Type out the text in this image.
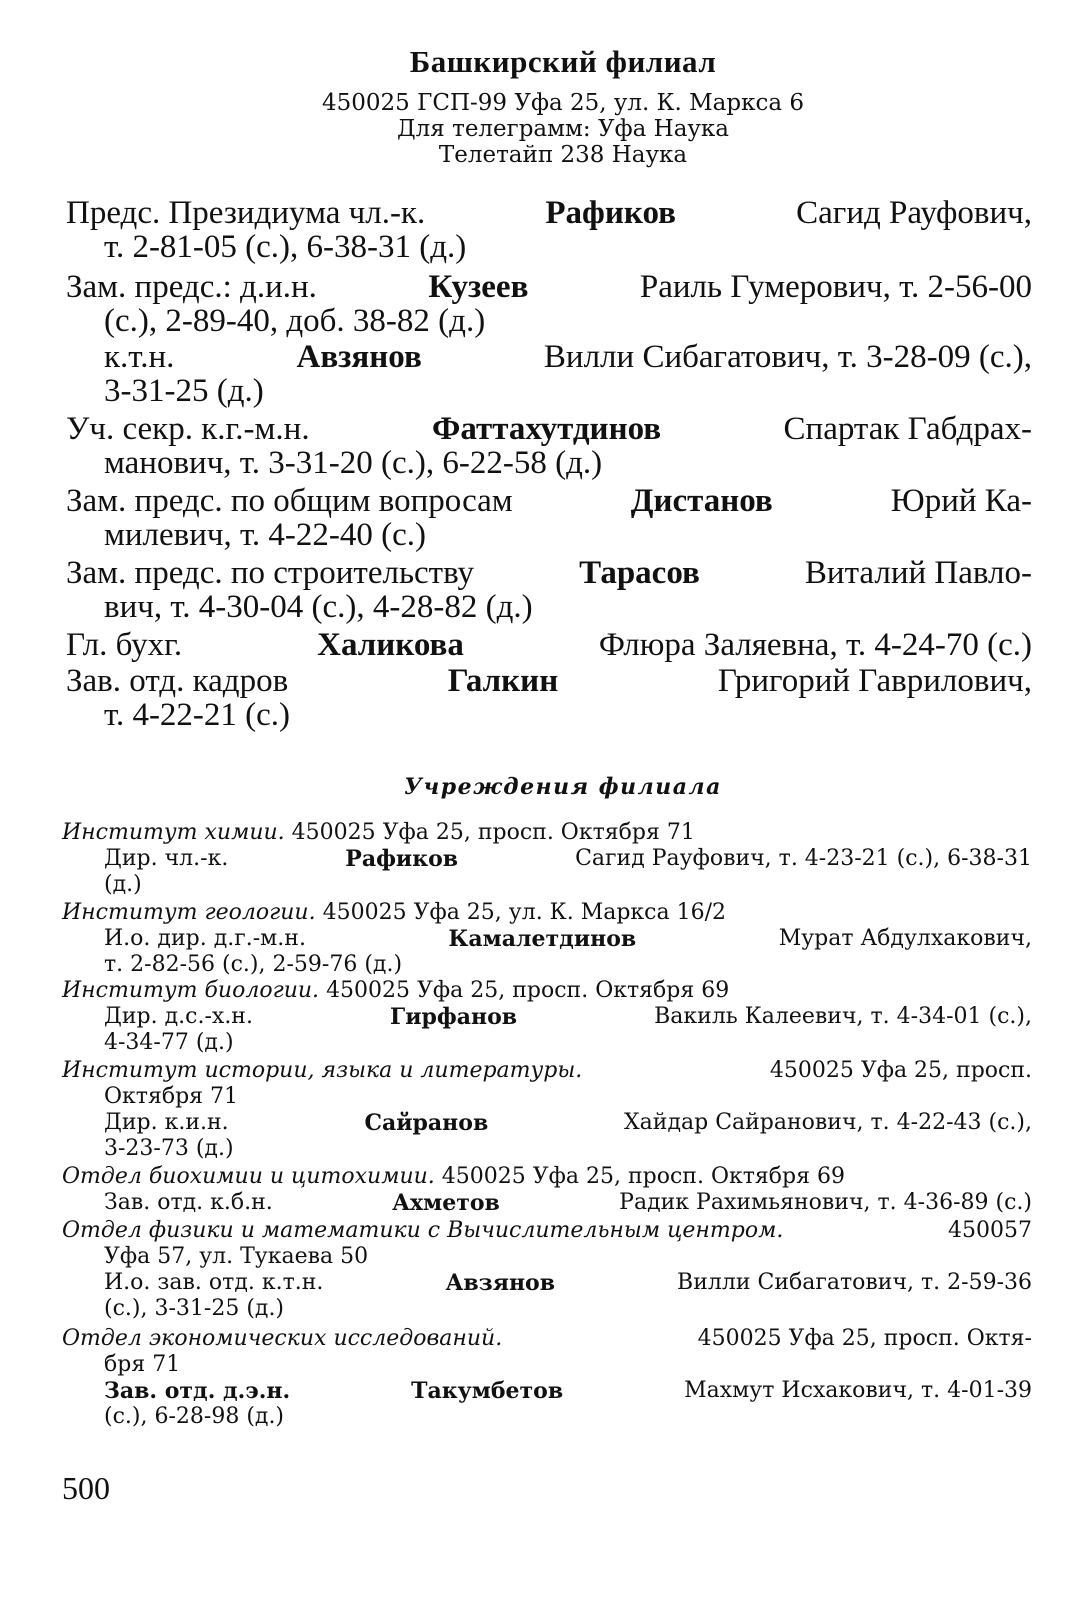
Башкирский филиал
450025 ГСП-99 Уфа 25, ул. К. Маркса 6
Для телеграмм: Уфа Наука
Телетайп 238 Наука
Предс. Президиума чл.-к.	Рафиков	Сагид Рауфович,
т. 2-81-05 (с.), 6-38-31 (д.)
Зам. предс.: д.и.н.	Кузеев	Раиль Гумерович, т. 2-56-00
(с.), 2-89-40, доб. 38-82 (д.)
к.т.н.	Авзянов	Вилли Сибагатович, т. 3-28-09 (с.),
3-31-25 (д.)
Уч. секр. к.г.-м.н.	Фаттахутдинов	Спартак Габдрах-
манович, т. 3-31-20 (с.), 6-22-58 (д.)
Зам. предс. по общим вопросам	Дистанов	Юрий Ка-
милевич, т. 4-22-40 (с.)
Зам. предс. по строительству	Тарасов	Виталий Павло-
вич, т. 4-30-04 (с.), 4-28-82 (д.)
Гл. бухг.	Халикова	Флюра Заляевна, т. 4-24-70 (с.)
Зав. отд. кадров	Галкин	Григорий Гаврилович,
т. 4-22-21 (с.)
Учреждения филиала
Институт химии.
450025 Уфа 25, просп. Октября 71
Дир. чл.-к.	Рафиков	Сагид Рауфович, т. 4-23-21 (с.), 6-38-31
(д.)
Институт геологии.
450025 Уфа 25, ул. К. Маркса 16/2
И.о. дир. д.г.-м.н.	Камалетдинов	Мурат Абдулхакович,
т. 2-82-56 (с.), 2-59-76 (д.)
Институт биологии.
450025 Уфа 25, просп. Октября 69
Дир. д.с.-х.н.	Гирфанов	Вакиль Калеевич, т. 4-34-01 (с.),
4-34-77 (д.)
Институт истории, языка и литературы.	450025 Уфа 25, просп.
Октября 71
Дир. к.и.н.	Сайранов	Хайдар Сайранович, т. 4-22-43 (с.),
3-23-73 (д.)
Отдел биохимии и цитохимии.
450025 Уфа 25, просп. Октября 69
Зав. отд. к.б.н.	Ахметов	Радик Рахимьянович, т. 4-36-89 (с.)
Отдел физики и математики с Вычислительным центром.	450057
Уфа 57, ул. Тукаева 50
И.о. зав. отд. к.т.н.	Авзянов	Вилли Сибагатович, т. 2-59-36
(с.), 3-31-25 (д.)
Отдел экономических исследований.	450025 Уфа 25, просп. Октя-
бря 71
Зав. отд. д.э.н.	Такумбетов	Махмут Исхакович, т. 4-01-39
(с.), 6-28-98 (д.)
500
